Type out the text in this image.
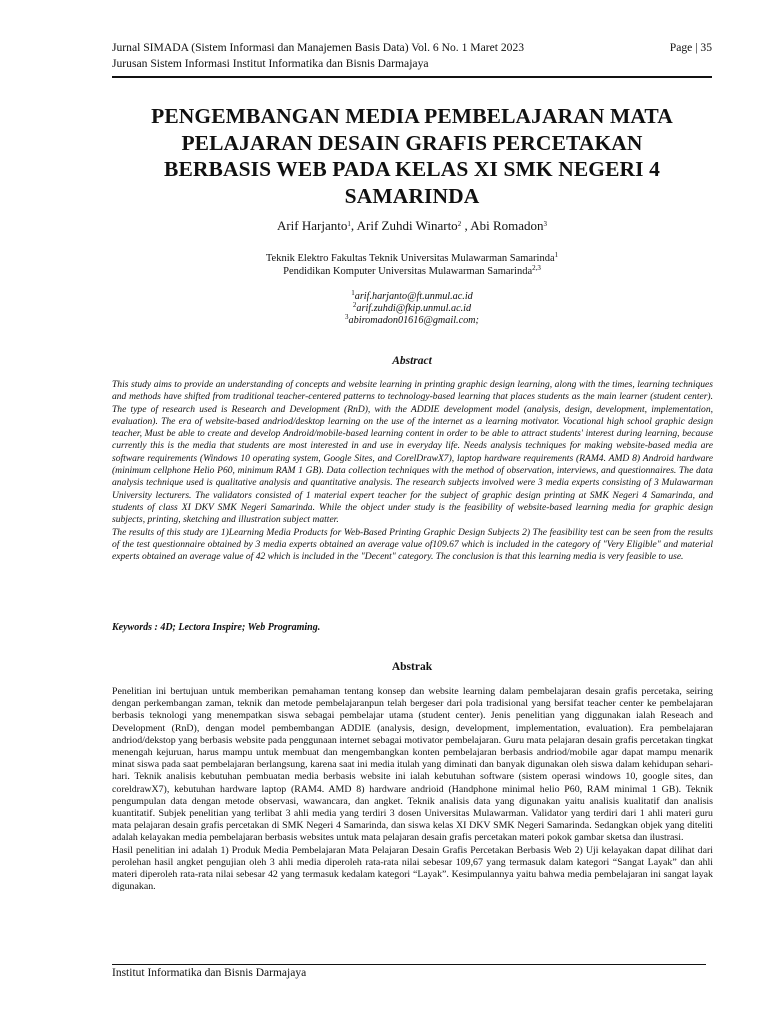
Jurnal SIMADA (Sistem Informasi dan Manajemen Basis Data) Vol. 6 No. 1 Maret 2023	Page | 35
Jurusan Sistem Informasi Institut Informatika dan Bisnis Darmajaya
PENGEMBANGAN MEDIA PEMBELAJARAN MATA
PELAJARAN DESAIN GRAFIS PERCETAKAN
BERBASIS WEB PADA KELAS XI SMK NEGERI 4
SAMARINDA
Arif Harjanto$^1$, Arif Zuhdi Winarto$^2$ , Abi Romadon$^3$
Teknik Elektro Fakultas Teknik Universitas Mulawarman Samarinda$^1$
Pendidikan Komputer Universitas Mulawarman Samarinda$^{2,3}$
$^1$arif.harjanto@ft.unmul.ac.id
$^2$arif.zuhdi@fkip.unmul.ac.id
$^3$abiromadon01616@gmail.com;
Abstract

This study aims to provide an understanding of concepts and website learning in printing graphic design learning, along with the times, learning techniques and methods have shifted from traditional teacher-centered patterns to technology-based learning that places students as the main learner (student center). The type of research used is Research and Development (RnD), with the ADDIE development model (analysis, design, development, implementation, evaluation). The era of website-based andriod/desktop learning on the use of the internet as a learning motivator. Vocational high school graphic design teacher, Must be able to create and develop Android/mobile-based learning content in order to be able to attract students' interest during learning, because currently this is the media that students are most interested in and use in everyday life. Needs analysis techniques for making website-based media are software requirements (Windows 10 operating system, Google Sites, and CorelDrawX7), laptop hardware requirements (RAM4. AMD 8) Android hardware (minimum cellphone Helio P60, minimum RAM 1 GB). Data collection techniques with the method of observation, interviews, and questionnaires. The data analysis technique used is qualitative analysis and quantitative analysis. The research subjects involved were 3 media experts consisting of 3 Mulawarman University lecturers. The validators consisted of 1 material expert teacher for the subject of graphic design printing at SMK Negeri 4 Samarinda, and students of class XI DKV SMK Negeri Samarinda. While the object under study is the feasibility of website-based learning media for graphic design subjects, printing, sketching and illustration subject matter.

The results of this study are 1)Learning Media Products for Web-Based Printing Graphic Design Subjects 2) The feasibility test can be seen from the results of the test questionnaire obtained by 3 media experts obtained an average value of109.67 which is included in the category of "Very Eligible" and material experts obtained an average value of 42 which is included in the "Decent" category. The conclusion is that this learning media is very feasible to use.

Keywords : 4D; Lectora Inspire; Web Programing.
Abstrak

Penelitian ini bertujuan untuk memberikan pemahaman tentang konsep dan website learning dalam pembelajaran desain grafis percetaka, seiring dengan perkembangan zaman, teknik dan metode pembelajaranpun telah bergeser dari pola tradisional yang bersifat teacher center ke pembelajaran berbasis teknologi yang menempatkan siswa sebagai pembelajar utama (student center). Jenis penelitian yang diggunakan ialah Reseach and Development (RnD), dengan model pembembangan ADDIE (analysis, design, development, implementation, evaluation). Era pembelajaran andriod/dekstop yang berbasis website pada penggunaan internet sebagai motivator pembelajaran. Guru mata pelajaran desain grafis percetakan tingkat menengah kejuruan, harus mampu untuk membuat dan mengembangkan konten pembelajaran berbasis andriod/mobile agar dapat mampu menarik minat siswa pada saat pembelajaran berlangsung, karena saat ini media itulah yang diminati dan banyak digunakan oleh siswa dalam kehidupan sehari-hari. Teknik analisis kebutuhan pembuatan media berbasis website ini ialah kebutuhan software (sistem operasi windows 10, google sites, dan coreldrawX7), kebutuhan hardware laptop (RAM4. AMD 8) hardware andrioid (Handphone minimal helio P60, RAM minimal 1 GB). Teknik pengumpulan data dengan metode observasi, wawancara, dan angket. Teknik analisis data yang digunakan yaitu analisis kualitatif dan analisis kuantitatif. Subjek penelitian yang terlibat 3 ahli media yang terdiri 3 dosen Universitas Mulawarman. Validator yang terdiri dari 1 ahli materi guru mata pelajaran desain grafis percetakan di SMK Negeri 4 Samarinda, dan siswa kelas XI DKV SMK Negeri Samarinda. Sedangkan objek yang diteliti adalah kelayakan media pembelajaran berbasis websites untuk mata pelajaran desain grafis percetakan materi pokok gambar sketsa dan ilustrasi.

Hasil penelitian ini adalah 1) Produk Media Pembelajaran Mata Pelajaran Desain Grafis Percetakan Berbasis Web 2) Uji kelayakan dapat dilihat dari perolehan hasil angket pengujian oleh 3 ahli media diperoleh rata-rata nilai sebesar 109,67 yang termasuk dalam kategori “Sangat Layak” dan ahli materi diperoleh rata-rata nilai sebesar 42 yang termasuk kedalam kategori “Layak”. Kesimpulannya yaitu bahwa media pembelajaran ini sangat layak digunakan.

Institut Informatika dan Bisnis Darmajaya
